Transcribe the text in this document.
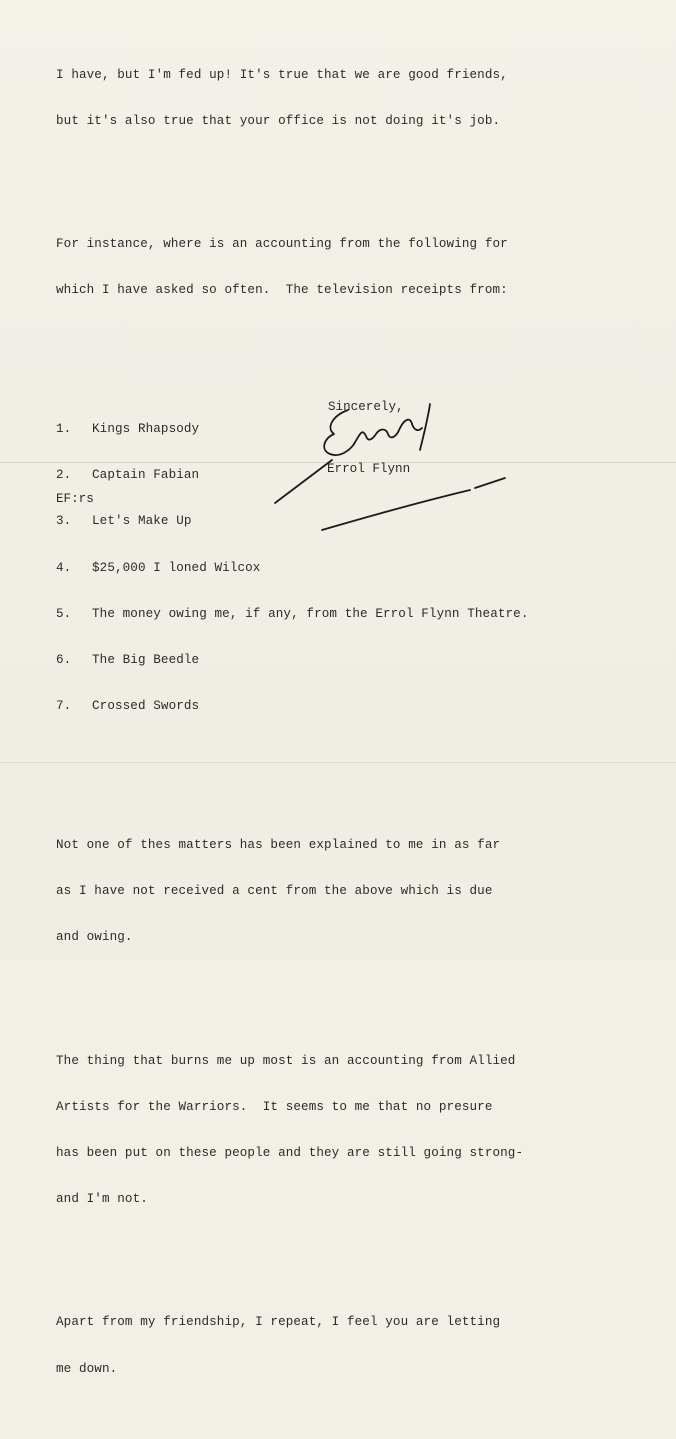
I have, but I'm fed up! It's true that we are good friends,

but it's also true that your office is not doing it's job.

For instance, where is an accounting from the following for

which I have asked so often.  The television receipts from:

1. Kings Rhapsody

2. Captain Fabian

3. Let's Make Up

4. $25,000 I loned Wilcox

5. The money owing me, if any, from the Errol Flynn Theatre.

6. The Big Beedle

7. Crossed Swords

Not one of thes matters has been explained to me in as far

as I have not received a cent from the above which is due

and owing.

The thing that burns me up most is an accounting from Allied

Artists for the Warriors.  It seems to me that no presure

has been put on these people and they are still going strong-

and I'm not.

Apart from my friendship, I repeat, I feel you are letting

me down.

Sincerely,
Errol Flynn
EF:rs
